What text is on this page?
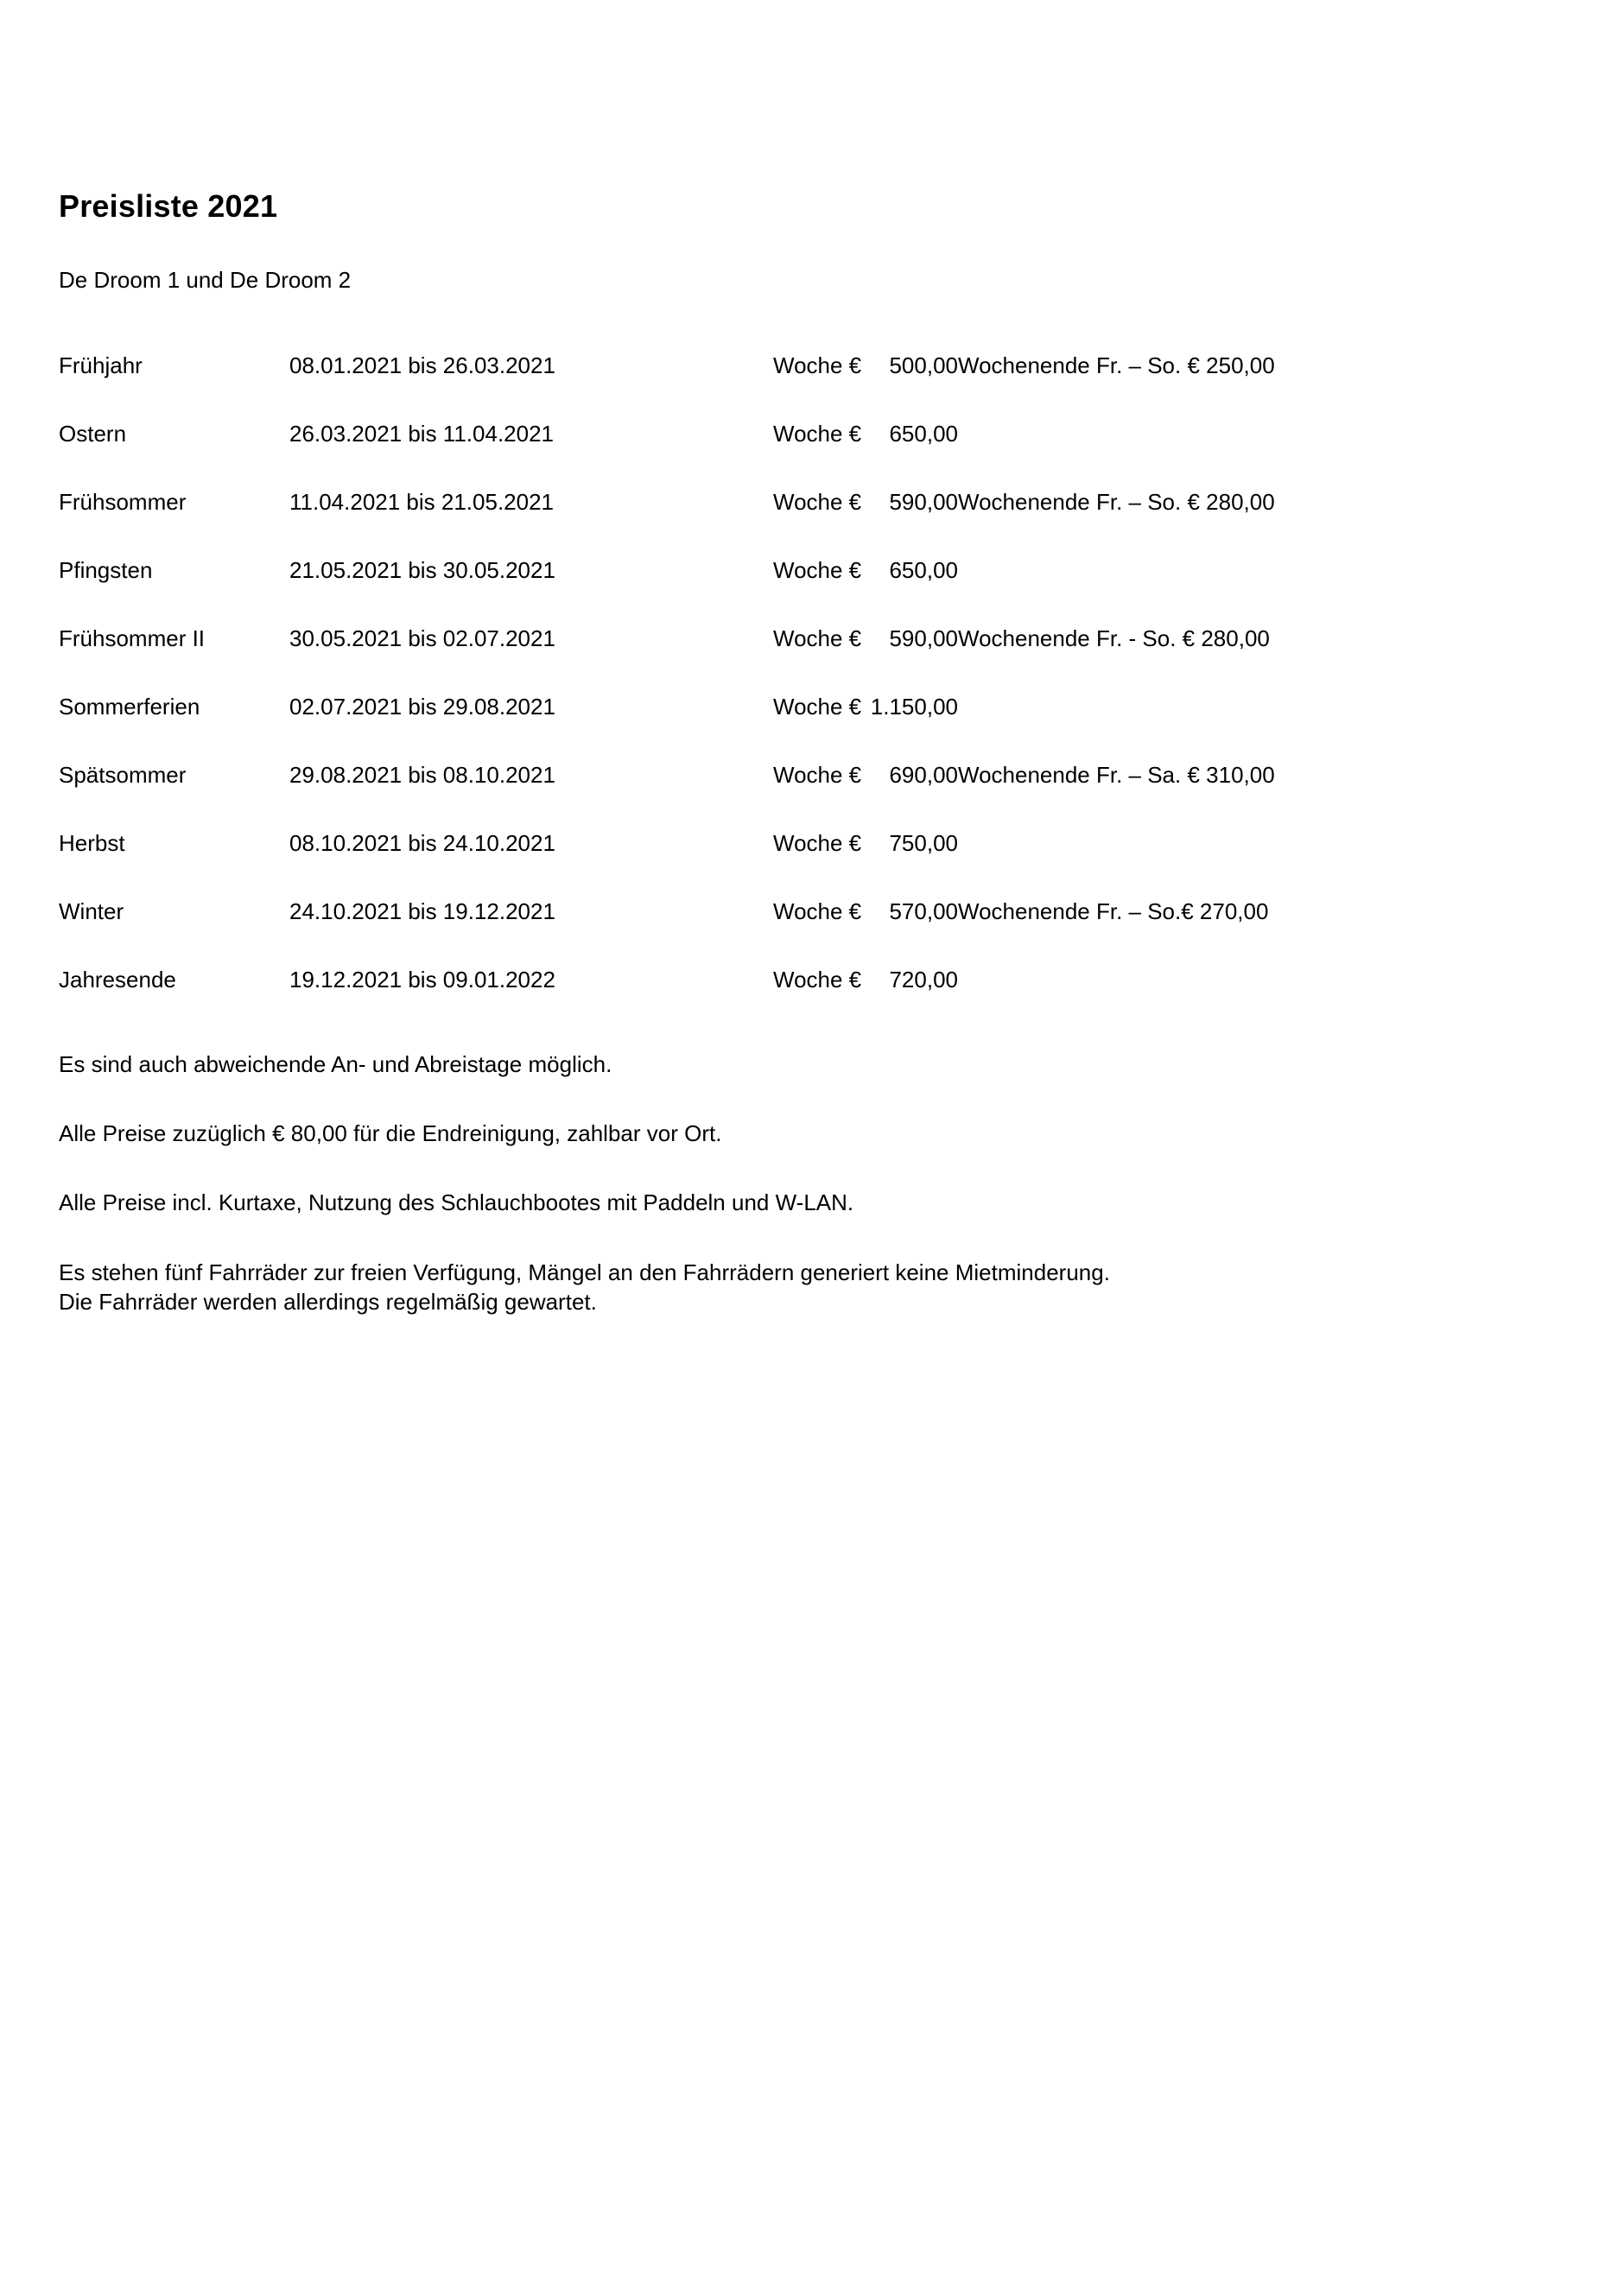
Preisliste 2021

De Droom 1 und De Droom 2

Frühjahr	08.01.2021 bis 26.03.2021	Woche €	500,00	Wochenende Fr. – So. € 250,00
Ostern	26.03.2021 bis 11.04.2021	Woche €	650,00	
Frühsommer	11.04.2021 bis 21.05.2021	Woche €	590,00	Wochenende Fr. – So. € 280,00
Pfingsten	21.05.2021 bis 30.05.2021	Woche €	650,00	
Frühsommer II	30.05.2021 bis 02.07.2021	Woche €	590,00	Wochenende Fr. - So. € 280,00
Sommerferien	02.07.2021 bis 29.08.2021	Woche €	1.150,00	
Spätsommer	29.08.2021 bis 08.10.2021	Woche €	690,00	Wochenende Fr. – Sa. € 310,00
Herbst	08.10.2021 bis 24.10.2021	Woche €	750,00	
Winter	24.10.2021 bis 19.12.2021	Woche €	570,00	Wochenende Fr. – So.€ 270,00
Jahresende	19.12.2021 bis 09.01.2022	Woche €	720,00	

Es sind auch abweichende An- und Abreistage möglich.

Alle Preise zuzüglich € 80,00 für die Endreinigung, zahlbar vor Ort.

Alle Preise incl. Kurtaxe, Nutzung des Schlauchbootes mit Paddeln und W-LAN.

Es stehen fünf Fahrräder zur freien Verfügung, Mängel an den Fahrrädern generiert keine Mietminderung.
Die Fahrräder werden allerdings regelmäßig gewartet.
